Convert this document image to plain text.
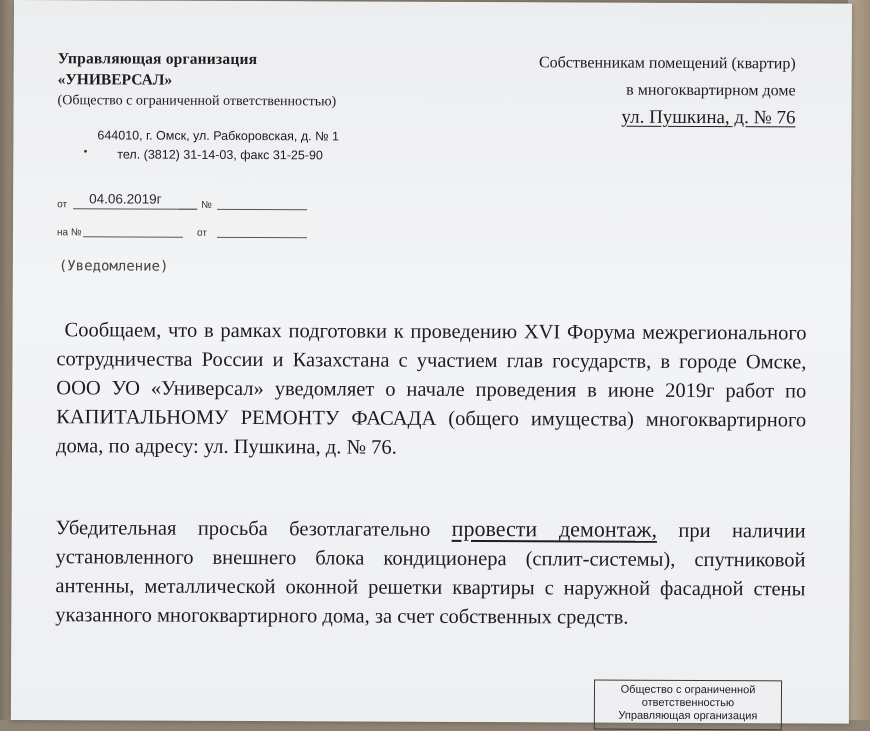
Управляющая организация
«УНИВЕРСАЛ»
(Общество с ограниченной ответственностью)
644010, г. Омск, ул. Рабкоровская, д. № 1
• тел. (3812) 31-14-03, факс 31-25-90
Собственникам помещений (квартир)
в многоквартирном доме
ул. Пушкина, д. № 76
от 04.06.2019г	№
на №	от
(Уведомление)
Сообщаем, что в рамках подготовки к проведению XVI Форума межрегионального сотрудничества России и Казахстана с участием глав государств, в городе Омске, ООО УО «Универсал» уведомляет о начале проведения в июне 2019г работ по КАПИТАЛЬНОМУ РЕМОНТУ ФАСАДА (общего имущества) многоквартирного дома, по адресу: ул. Пушкина, д. № 76.
Убедительная просьба безотлагательно провести демонтаж, при наличии установленного внешнего блока кондиционера (сплит-системы), спутниковой антенны, металлической оконной решетки квартиры с наружной фасадной стены указанного многоквартирного дома, за счет собственных средств.
Общество с ограниченной
ответственностью
Управляющая организация
